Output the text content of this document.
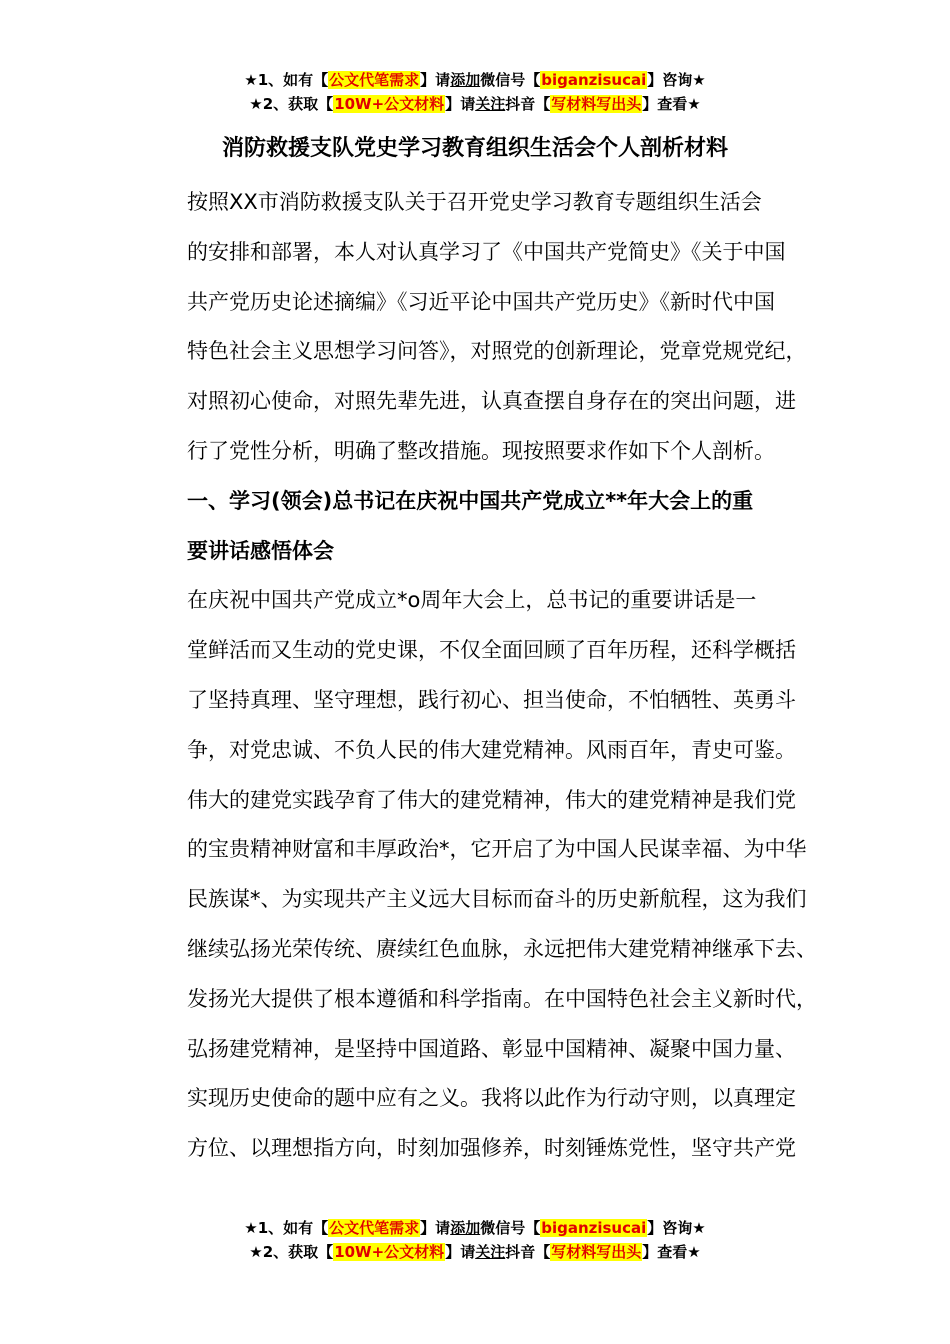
★1、如有【公文代笔需求】请添加微信号【biganzisucai】咨询★
★2、获取【10W+公文材料】请关注抖音【写材料写出头】查看★
消防救援支队党史学习教育组织生活会个人剖析材料

按照XX市消防救援支队关于召开党史学习教育专题组织生活会
的安排和部署，本人对认真学习了《中国共产党简史》《关于中国
共产党历史论述摘编》《习近平论中国共产党历史》《新时代中国
特色社会主义思想学习问答》，对照党的创新理论，党章党规党纪，
对照初心使命，对照先辈先进，认真查摆自身存在的突出问题，进
行了党性分析，明确了整改措施。现按照要求作如下个人剖析。

一、学习(领会)总书记在庆祝中国共产党成立**年大会上的重
要讲话感悟体会

在庆祝中国共产党成立*o周年大会上，总书记的重要讲话是一
堂鲜活而又生动的党史课，不仅全面回顾了百年历程，还科学概括
了坚持真理、坚守理想，践行初心、担当使命，不怕牺牲、英勇斗
争，对党忠诚、不负人民的伟大建党精神。风雨百年，青史可鉴。
伟大的建党实践孕育了伟大的建党精神，伟大的建党精神是我们党
的宝贵精神财富和丰厚政治*，它开启了为中国人民谋幸福、为中华
民族谋*、为实现共产主义远大目标而奋斗的历史新航程，这为我们
继续弘扬光荣传统、赓续红色血脉，永远把伟大建党精神继承下去、
发扬光大提供了根本遵循和科学指南。在中国特色社会主义新时代，
弘扬建党精神，是坚持中国道路、彰显中国精神、凝聚中国力量、
实现历史使命的题中应有之义。我将以此作为行动守则，以真理定
方位、以理想指方向，时刻加强修养，时刻锤炼党性，坚守共产党

★1、如有【公文代笔需求】请添加微信号【biganzisucai】咨询★
★2、获取【10W+公文材料】请关注抖音【写材料写出头】查看★
